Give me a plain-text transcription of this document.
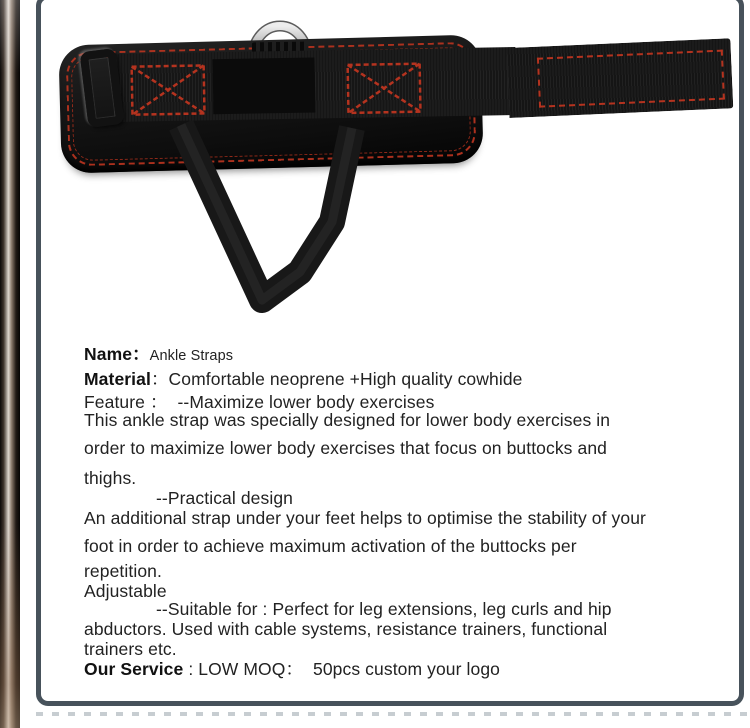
Name：Ankle Straps
Material：Comfortable neoprene +High quality cowhide
Feature ：  --Maximize lower body exercises
This ankle strap was specially designed for lower body exercises in
order to maximize lower body exercises that focus on buttocks and
thighs.
--Practical design
An additional strap under your feet helps to optimise the stability of your
foot in order to achieve maximum activation of the buttocks per
repetition.
Adjustable
--Suitable for : Perfect for leg extensions, leg curls and hip
abductors. Used with cable systems, resistance trainers, functional
trainers etc.
Our Service : LOW MOQ：  50pcs custom your logo
